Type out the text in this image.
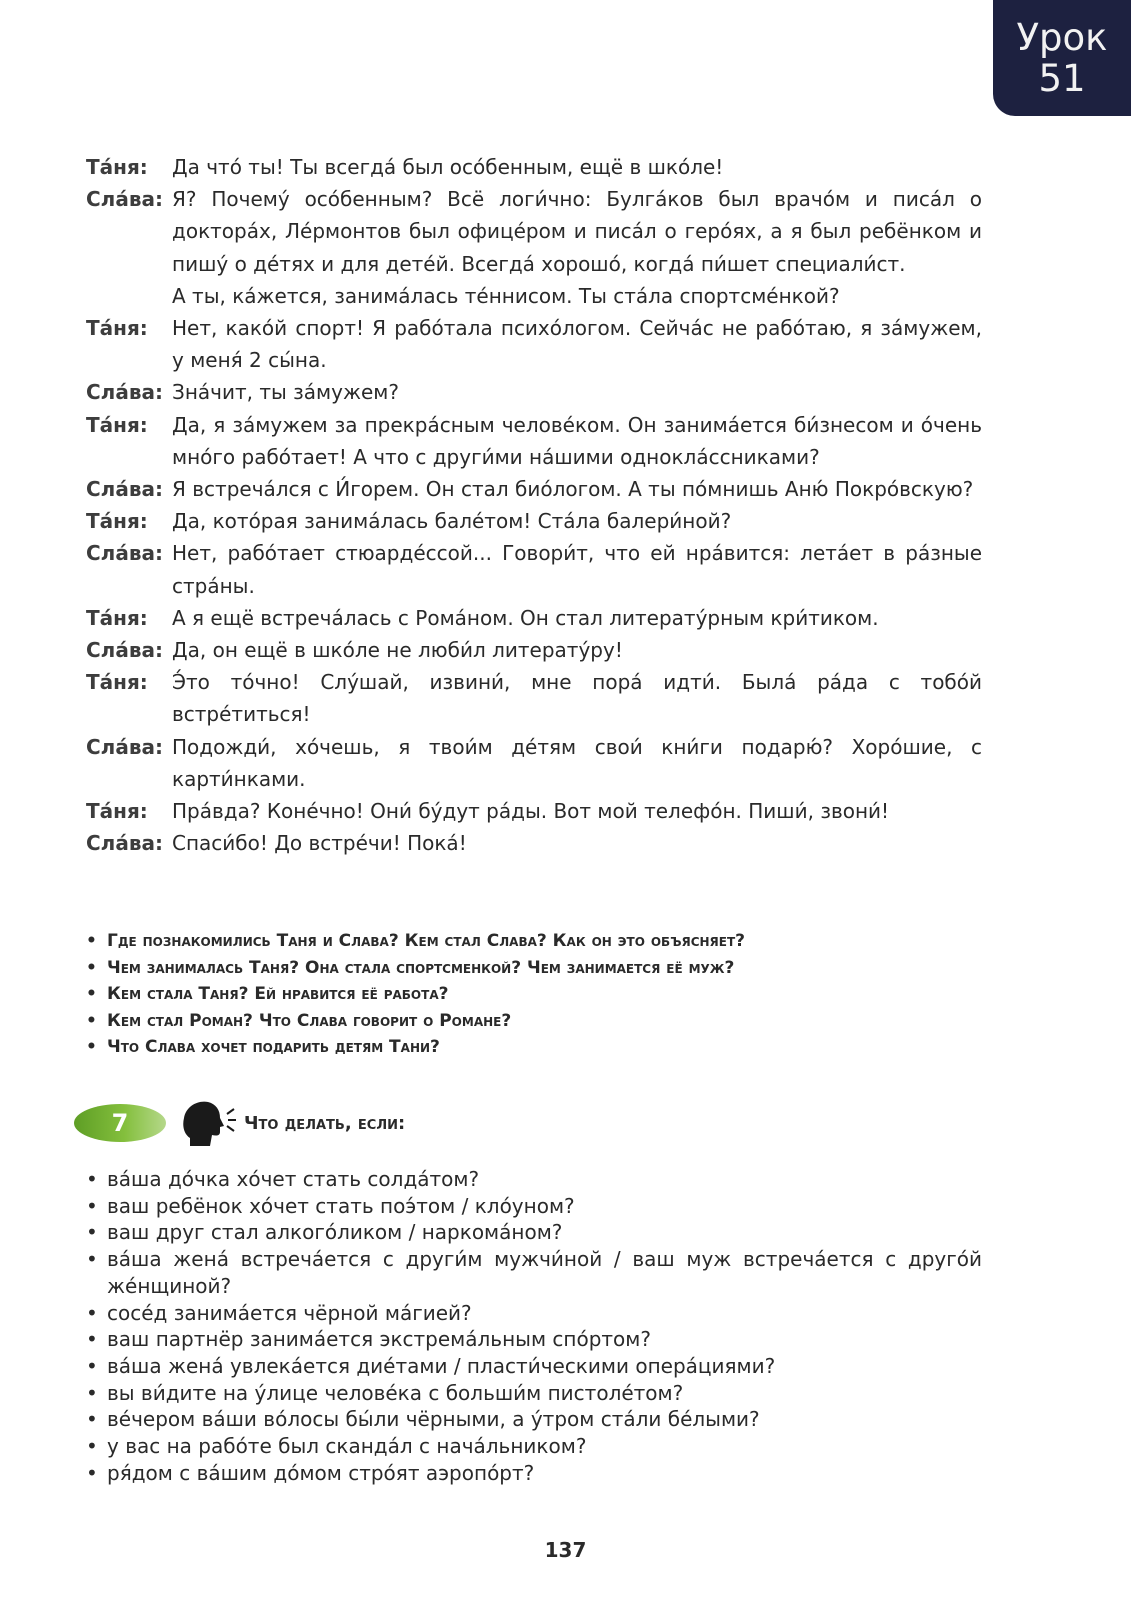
Урок
51
Та́ня:	Да что́ ты! Ты всегда́ был осо́бенным, ещё в шко́ле!
Сла́ва: Я? Почему́ осо́бенным? Всё логи́чно: Булга́ков был врачо́м и писа́л о доктора́х, Ле́рмонтов был офице́ром и писа́л о геро́ях, а я был ребёнком и пишу́ о де́тях и для дете́й. Всегда́ хорошо́, когда́ пи́шет специали́ст.
А ты, ка́жется, занима́лась те́ннисом. Ты ста́ла спортсме́нкой?
Та́ня:	Нет, како́й спорт! Я рабо́тала психо́логом. Сейча́с не рабо́таю, я за́мужем, у меня́ 2 сы́на.
Сла́ва: Зна́чит, ты за́мужем?
Та́ня:	Да, я за́мужем за прекра́сным челове́ком. Он занима́ется би́знесом и о́чень мно́го рабо́тает! А что с други́ми на́шими однокла́ссниками?
Сла́ва: Я встреча́лся с И́горем. Он стал био́логом. А ты по́мнишь Аню́ Покро́вскую?
Та́ня:	Да, кото́рая занима́лась бале́том! Ста́ла балери́ной?
Сла́ва: Нет, рабо́тает стюарде́ссой... Говори́т, что ей нра́вится: лета́ет в ра́зные стра́ны.
Та́ня:	А я ещё встреча́лась с Рома́ном. Он стал литерату́рным кри́тиком.
Сла́ва: Да, он ещё в шко́ле не люби́л литерату́ру!
Та́ня:	Э́то то́чно! Слу́шай, извини́, мне пора́ идти́. Была́ ра́да с тобо́й встре́титься!
Сла́ва: Подожди́, хо́чешь, я твои́м де́тям свои́ кни́ги подарю́? Хоро́шие, с карти́нками.
Та́ня:	Пра́вда? Коне́чно! Они́ бу́дут ра́ды. Вот мой телефо́н. Пиши́, звони́!
Сла́ва: Спаси́бо! До встре́чи! Пока́!
• Где познакомились Таня и Слава? Кем стал Слава? Как он это объясняет?
• Чем занималась Таня? Она стала спортсменкой? Чем занимается её муж?
• Кем стала Таня? Ей нравится её работа?
• Кем стал Роман? Что Слава говорит о Романе?
• Что Слава хочет подарить детям Тани?
7	Что делать, если:
• ва́ша до́чка хо́чет стать солда́том?
• ваш ребёнок хо́чет стать поэ́том / кло́уном?
• ваш друг стал алкого́ликом / наркома́ном?
• ва́ша жена́ встреча́ется с други́м мужчи́ной / ваш муж встреча́ется с друго́й же́нщиной?
• сосе́д занима́ется чёрной ма́гией?
• ваш партнёр занима́ется экстрема́льным спо́ртом?
• ва́ша жена́ увлека́ется дие́тами / пласти́ческими опера́циями?
• вы ви́дите на у́лице челове́ка с больши́м пистоле́том?
• ве́чером ва́ши во́лосы бы́ли чёрными, а у́тром ста́ли бе́лыми?
• у вас на рабо́те был сканда́л с нача́льником?
• ря́дом с ва́шим до́мом стро́ят аэропо́рт?
137
